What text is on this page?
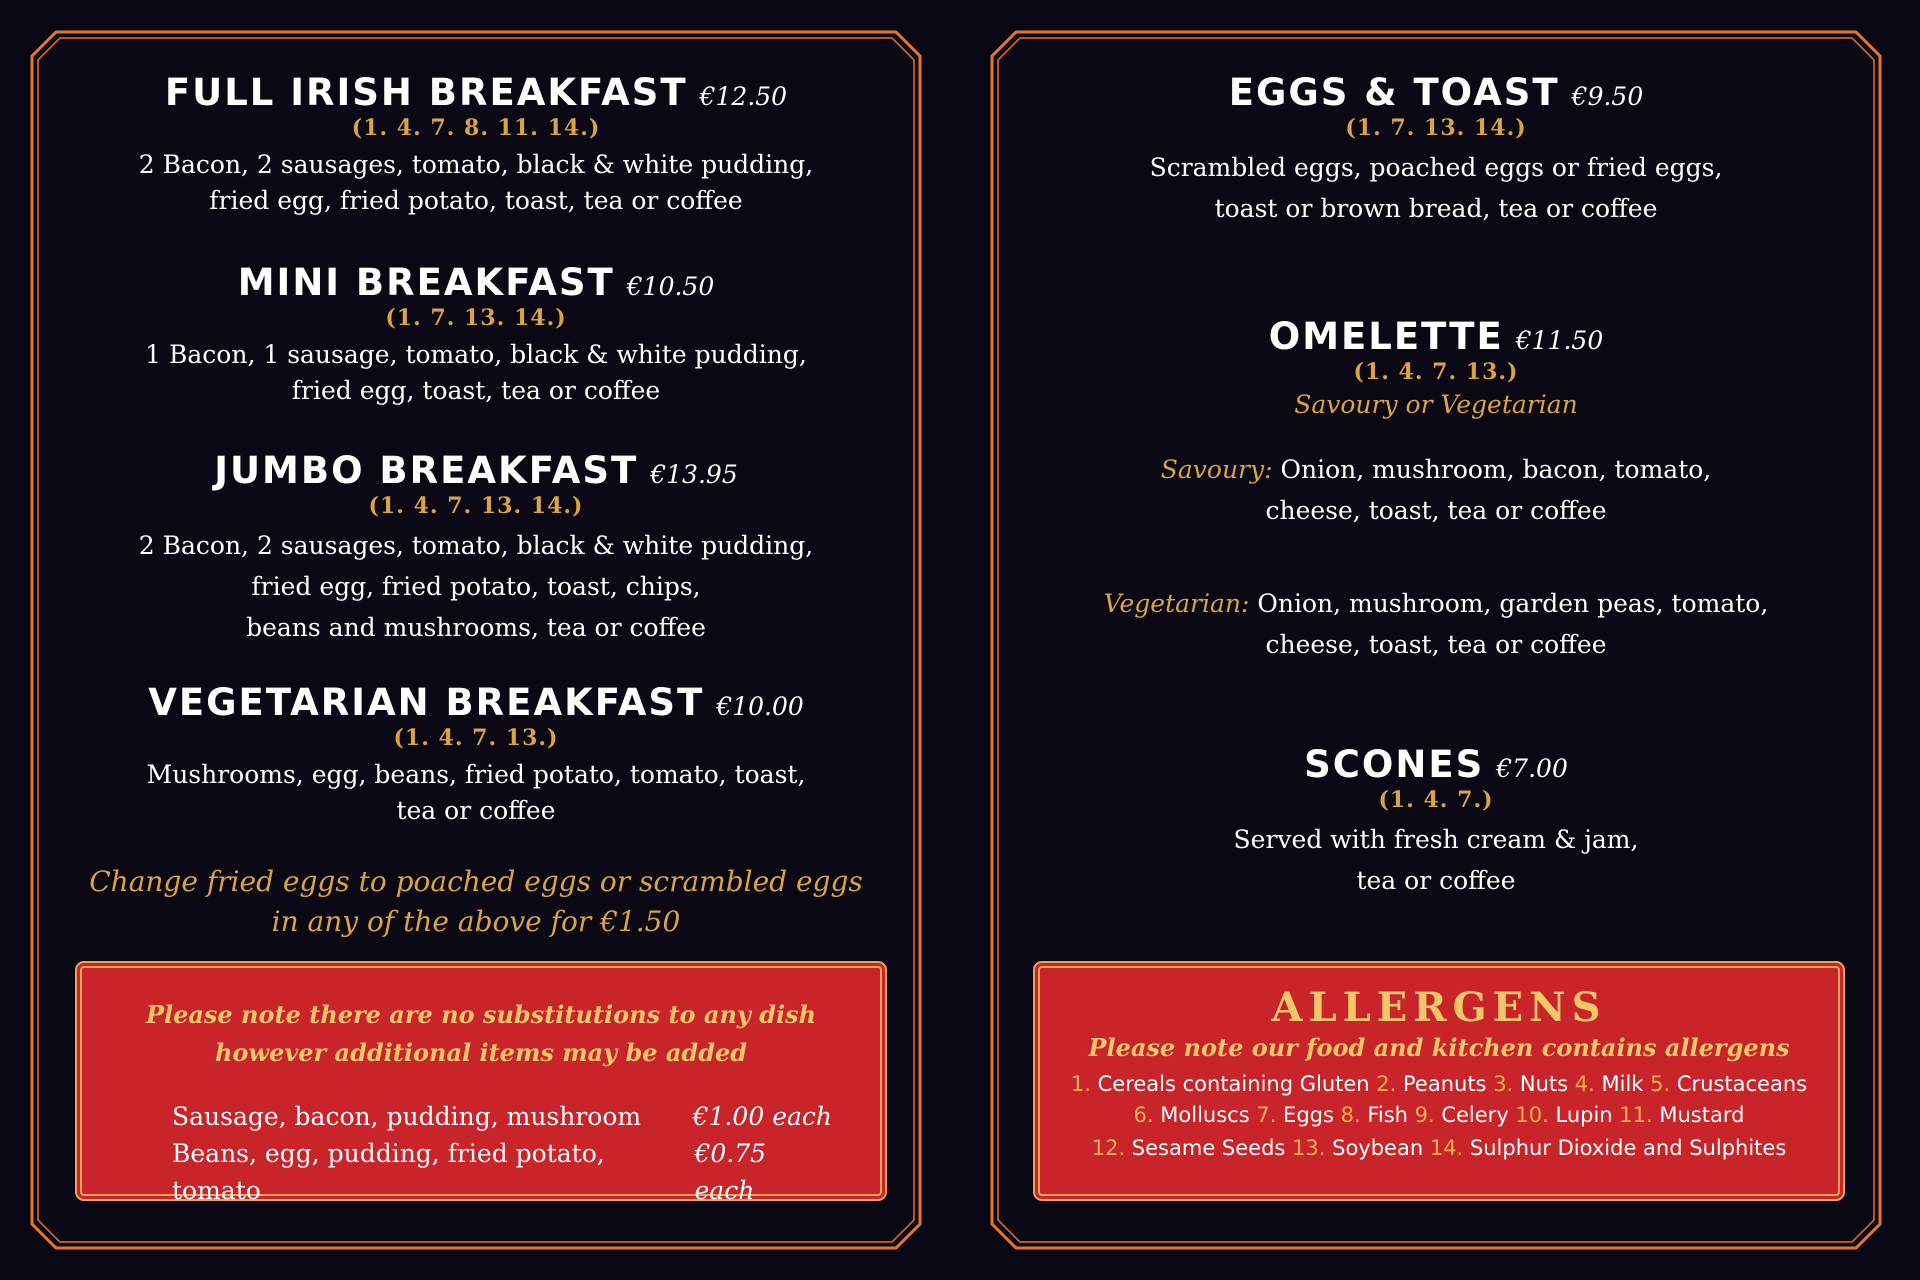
FULL IRISH BREAKFAST €12.50
(1. 4. 7. 8. 11. 14.)
2 Bacon, 2 sausages, tomato, black & white pudding,
fried egg, fried potato, toast, tea or coffee
MINI BREAKFAST €10.50
(1. 7. 13. 14.)
1 Bacon, 1 sausage, tomato, black & white pudding,
fried egg, toast, tea or coffee
JUMBO BREAKFAST €13.95
(1. 4. 7. 13. 14.)
2 Bacon, 2 sausages, tomato, black & white pudding,
fried egg, fried potato, toast, chips,
beans and mushrooms, tea or coffee
VEGETARIAN BREAKFAST €10.00
(1. 4. 7. 13.)
Mushrooms, egg, beans, fried potato, tomato, toast,
tea or coffee
Change fried eggs to poached eggs or scrambled eggs
in any of the above for €1.50
Please note there are no substitutions to any dish
however additional items may be added
Sausage, bacon, pudding, mushroom €1.00 each
Beans, egg, pudding, fried potato, tomato
€0.75 each
EGGS & TOAST €9.50
(1. 7. 13. 14.)
Scrambled eggs, poached eggs or fried eggs,
toast or brown bread, tea or coffee
OMELETTE €11.50
(1. 4. 7. 13.)
Savoury or Vegetarian
Savoury: Onion, mushroom, bacon, tomato,
cheese, toast, tea or coffee
Vegetarian: Onion, mushroom, garden peas, tomato,
cheese, toast, tea or coffee
SCONES €7.00
(1. 4. 7.)
Served with fresh cream & jam,
tea or coffee
ALLERGENS
Please note our food and kitchen contains allergens
1. Cereals containing Gluten 2. Peanuts 3. Nuts 4. Milk 5. Crustaceans
6. Molluscs 7. Eggs 8. Fish 9. Celery 10. Lupin 11. Mustard
12. Sesame Seeds 13. Soybean 14. Sulphur Dioxide and Sulphites
